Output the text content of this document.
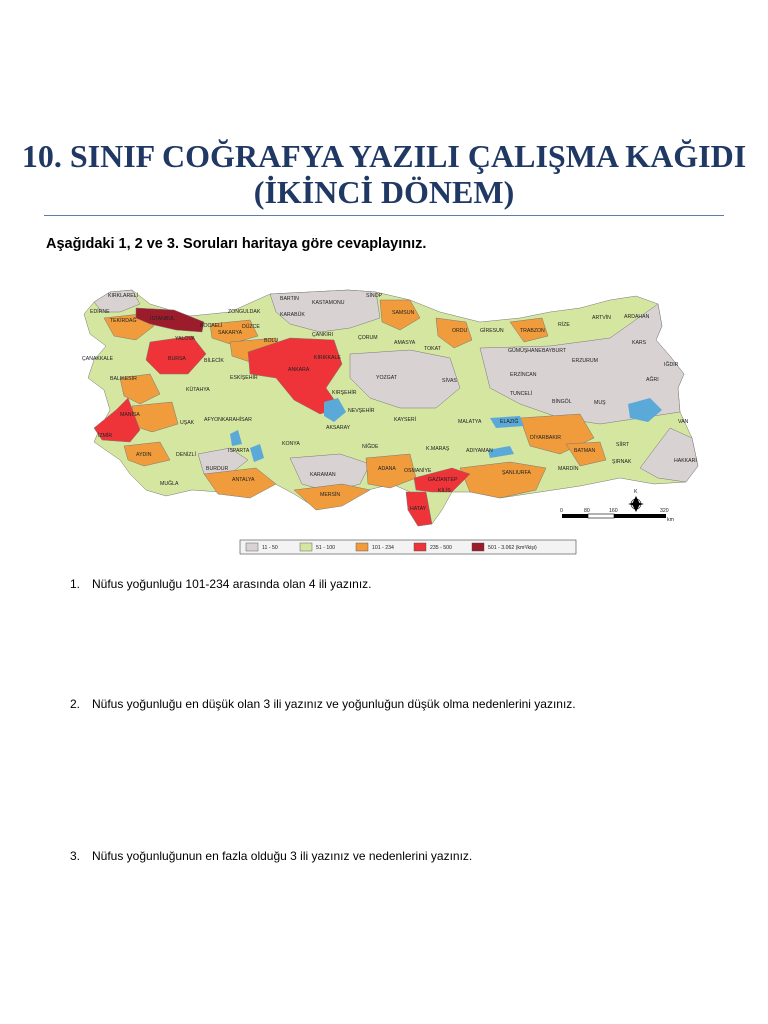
10. SINIF COĞRAFYA YAZILI ÇALIŞMA KAĞIDI
(İKİNCİ DÖNEM)
Aşağıdaki 1, 2 ve 3. Soruları haritaya göre cevaplayınız.
KIRKLARELİ
EDİRNE
TEKİRDAĞ	İSTANBUL
KOCAELİ
YALOVA
SAKARYA
DÜZCE
ZONGULDAK
BARTIN
KARABÜK
KASTAMONU
SİNOP
SAMSUN
ORDU GİRESUN	TRABZON
RİZE
ARTVİN	ARDAHAN
KARS
IĞDIR
AĞRI
BOLU
ÇANKIRI	ÇORUM
AMASYA
TOKAT	GÜMÜŞHANE BAYBURT
ERZURUM
ÇANAKKALE	BURSA	BİLECİK
ESKİŞEHİR
ANKARA
KIRIKKALE
YOZGAT	SİVAS
ERZİNCAN
TUNCELİ
BİNGÖL	MUŞ
BALIKESİR
KÜTAHYA	KIRŞEHİR
NEVŞEHİR
MANİSA
UŞAK AFYONKARAHİSAR
AKSARAY
KAYSERİ	MALATYA	ELAZIĞ	VAN
İZMİR
KONYA	NİĞDE	K.MARAŞ	ADIYAMAN
DİYARBAKIR
BATMAN
SİİRT
HAKKARİ
ŞIRNAK
AYDIN	DENİZLİ
ISPARTA
BURDUR	MARDİN
ADANA OSMANİYE
GAZİANTEP
ŞANLIURFA
KARAMAN
MUĞLA
ANTALYA
KİLİS
MERSİN
HATAY	0	80	160	320
km
K
11 - 50	51 - 100	101 - 234	235 - 500	501 - 3.062 (km²/kişi)
1. Nüfus yoğunluğu 101-234 arasında olan 4 ili yazınız.
2. Nüfus yoğunluğu en düşük olan 3 ili yazınız ve yoğunluğun düşük olma nedenlerini yazınız.
3. Nüfus yoğunluğunun en fazla olduğu 3 ili yazınız ve nedenlerini yazınız.
